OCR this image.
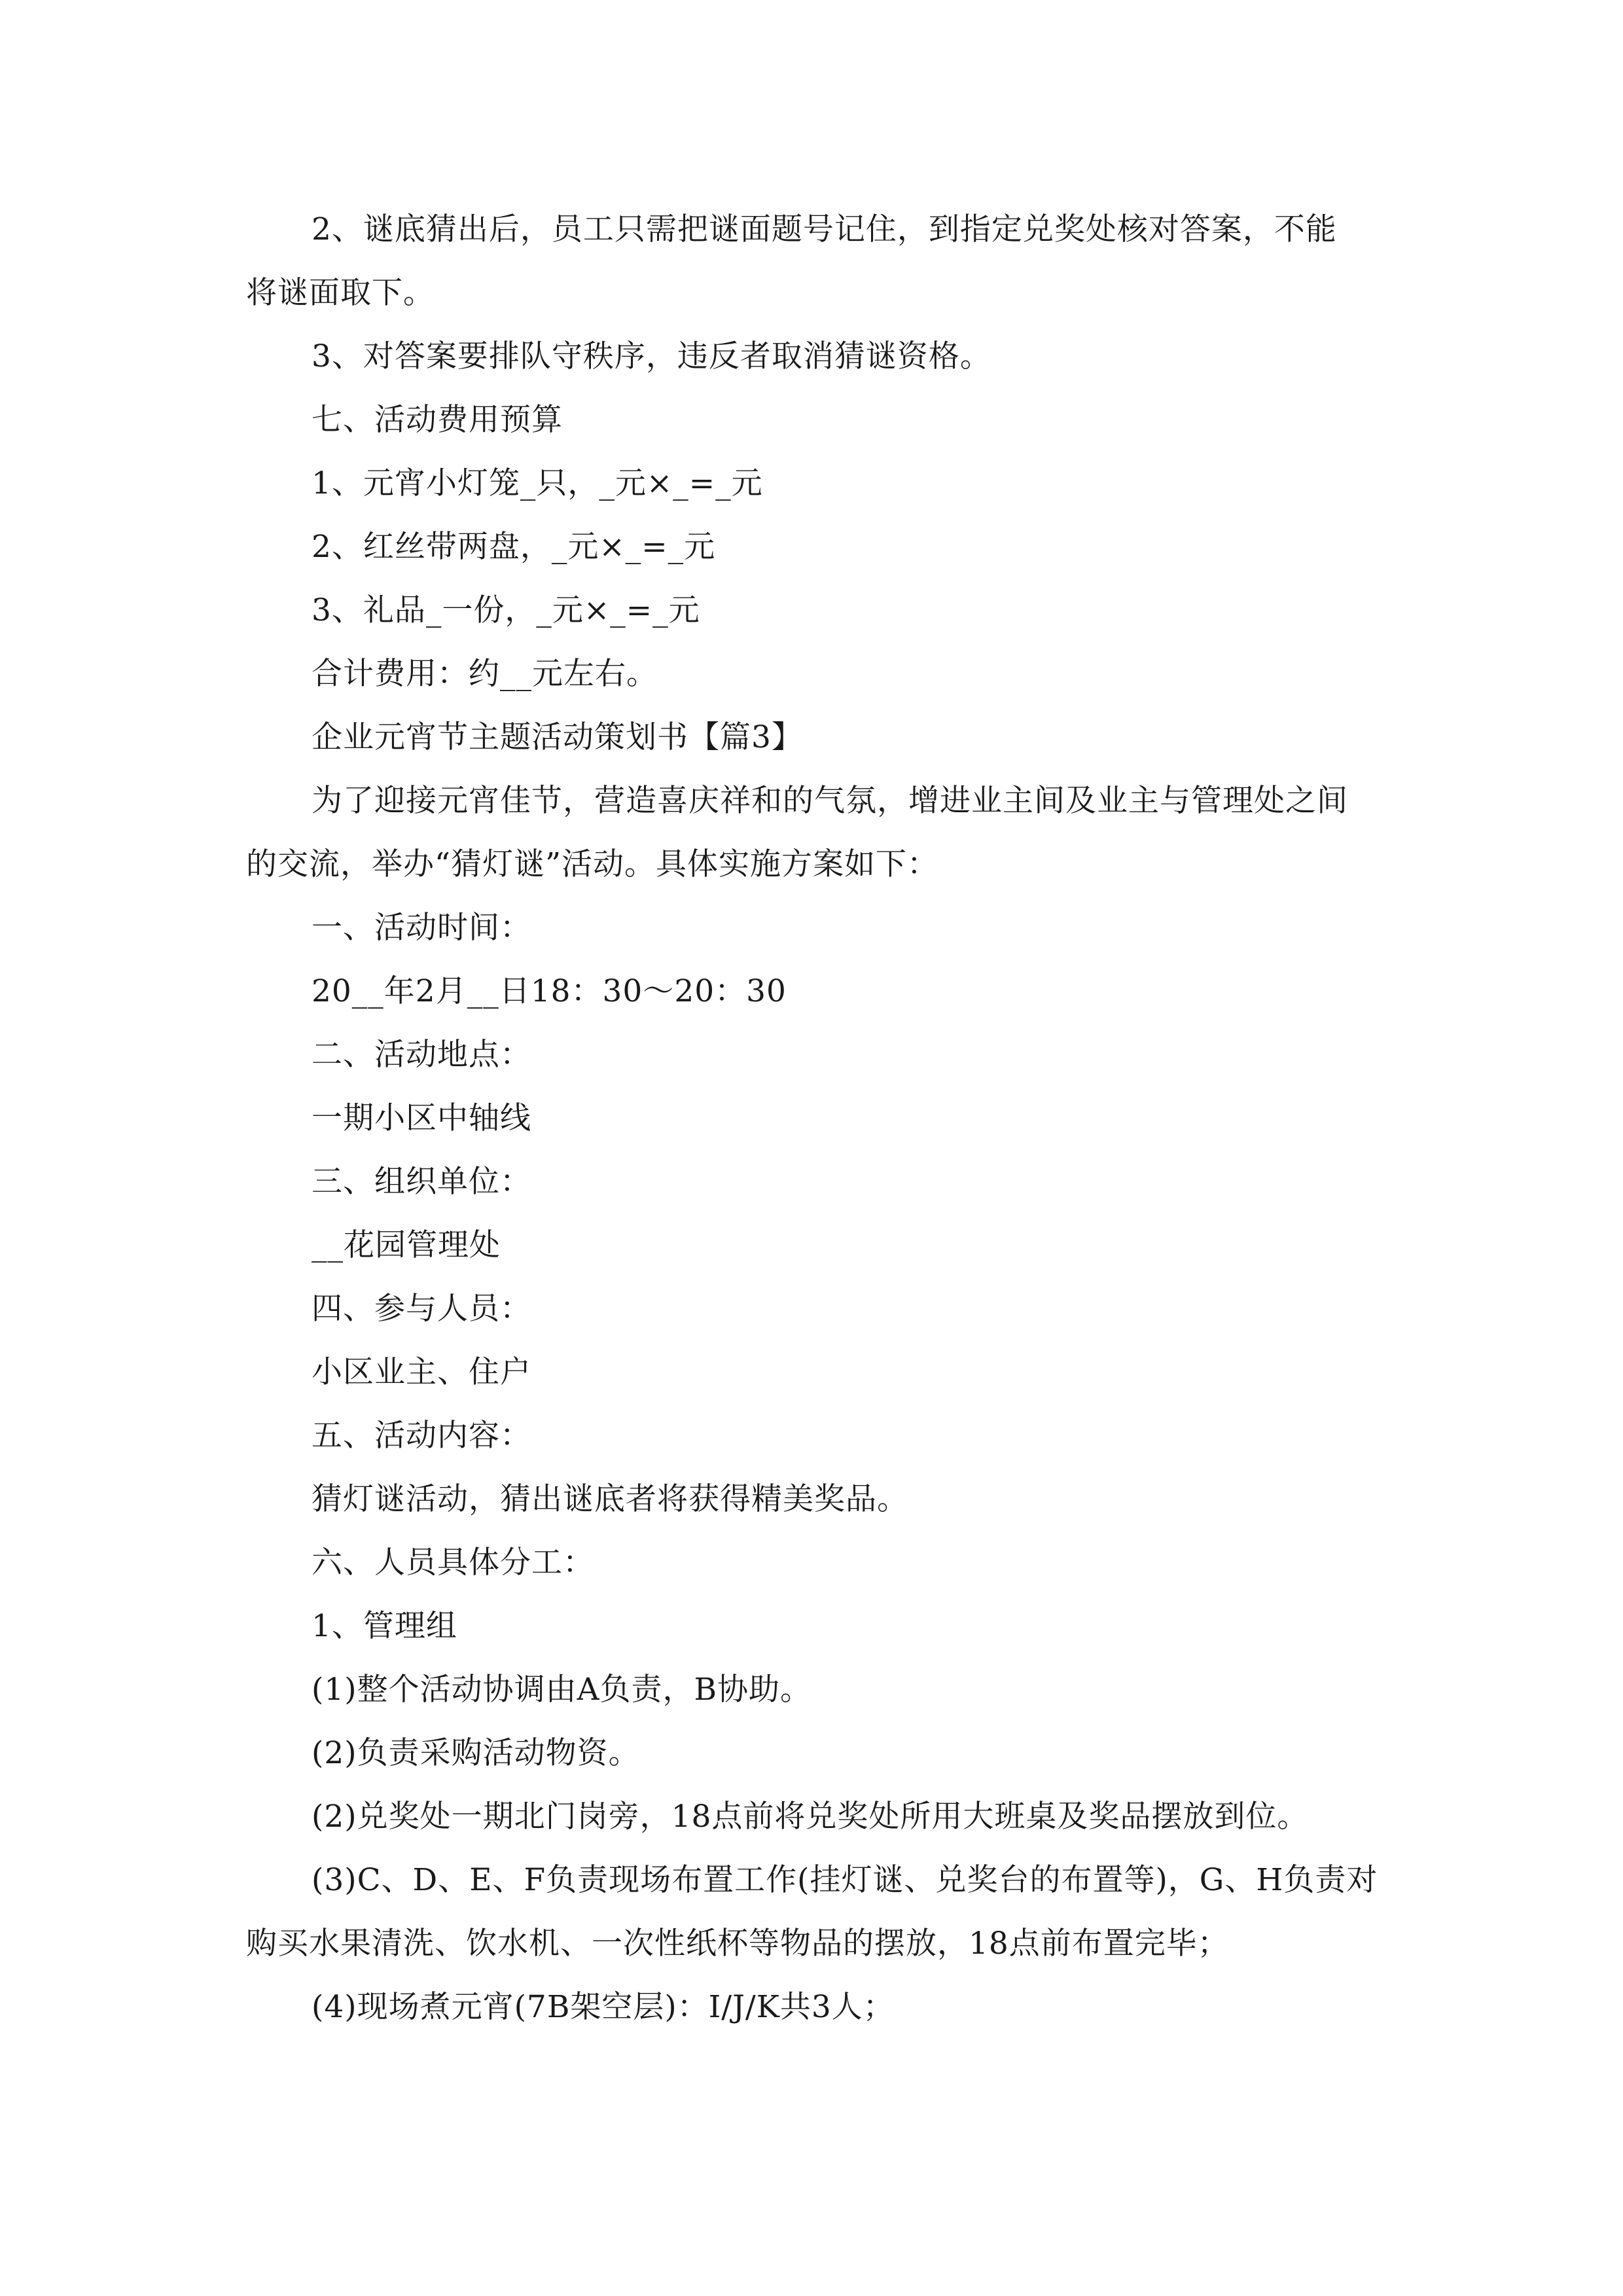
2、谜底猜出后，员工只需把谜面题号记住，到指定兑奖处核对答案，不能
将谜面取下。
3、对答案要排队守秩序，违反者取消猜谜资格。
七、活动费用预算
1、元宵小灯笼_只，_元×_=_元
2、红丝带两盘，_元×_=_元
3、礼品_一份，_元×_=_元
合计费用：约__元左右。
企业元宵节主题活动策划书【篇3】
为了迎接元宵佳节，营造喜庆祥和的气氛，增进业主间及业主与管理处之间
的交流，举办“猜灯谜”活动。具体实施方案如下：
一、活动时间：
20__年2月__日18：30～20：30
二、活动地点：
一期小区中轴线
三、组织单位：
__花园管理处
四、参与人员：
小区业主、住户
五、活动内容：
猜灯谜活动，猜出谜底者将获得精美奖品。
六、人员具体分工：
1、管理组
(1)整个活动协调由A负责，B协助。
(2)负责采购活动物资。
(2)兑奖处一期北门岗旁，18点前将兑奖处所用大班桌及奖品摆放到位。
(3)C、D、E、F负责现场布置工作(挂灯谜、兑奖台的布置等)，G、H负责对
购买水果清洗、饮水机、一次性纸杯等物品的摆放，18点前布置完毕；
(4)现场煮元宵(7B架空层)：I/J/K共3人；
